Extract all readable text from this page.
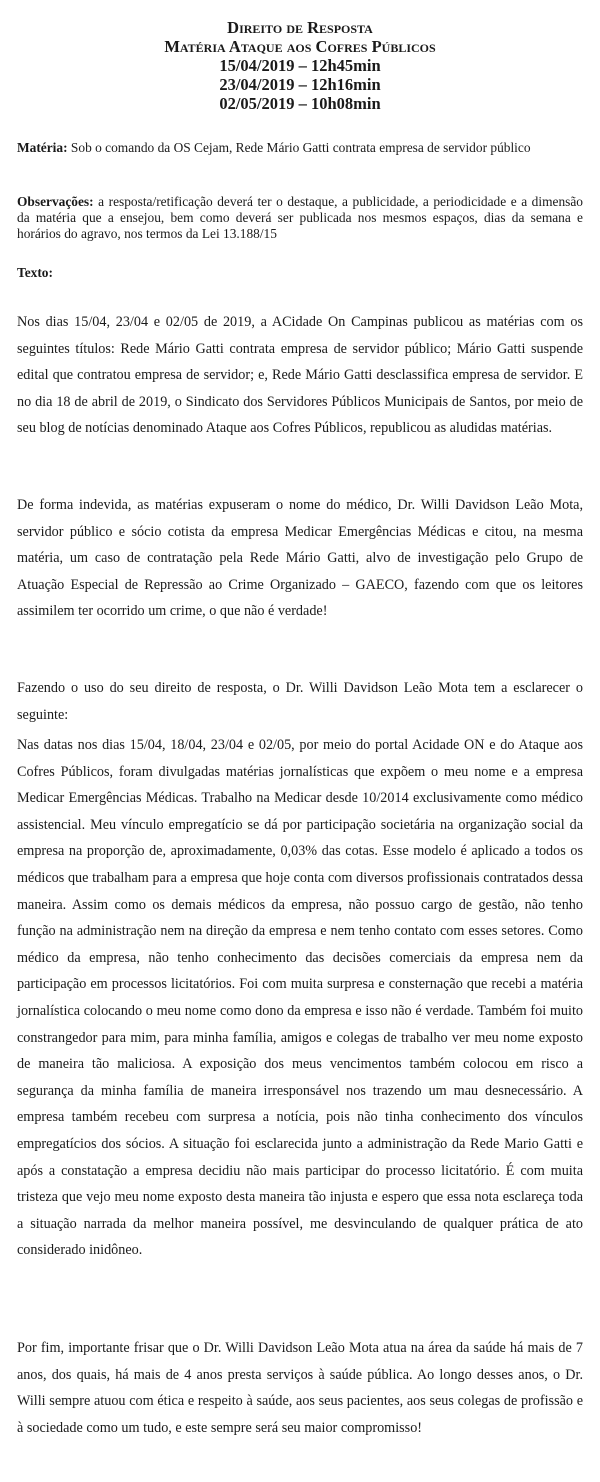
Direito de Resposta
Matéria Ataque aos Cofres Públicos
15/04/2019 – 12h45min
23/04/2019 – 12h16min
02/05/2019 – 10h08min
Matéria: Sob o comando da OS Cejam, Rede Mário Gatti contrata empresa de servidor público
Observações: a resposta/retificação deverá ter o destaque, a publicidade, a periodicidade e a dimensão da matéria que a ensejou, bem como deverá ser publicada nos mesmos espaços, dias da semana e horários do agravo, nos termos da Lei 13.188/15
Texto:

Nos dias 15/04, 23/04 e 02/05 de 2019, a ACidade On Campinas publicou as matérias com os seguintes títulos: Rede Mário Gatti contrata empresa de servidor público; Mário Gatti suspende edital que contratou empresa de servidor; e, Rede Mário Gatti desclassifica empresa de servidor. E no dia 18 de abril de 2019, o Sindicato dos Servidores Públicos Municipais de Santos, por meio de seu blog de notícias denominado Ataque aos Cofres Públicos, republicou as aludidas matérias.

De forma indevida, as matérias expuseram o nome do médico, Dr. Willi Davidson Leão Mota, servidor público e sócio cotista da empresa Medicar Emergências Médicas e citou, na mesma matéria, um caso de contratação pela Rede Mário Gatti, alvo de investigação pelo Grupo de Atuação Especial de Repressão ao Crime Organizado – GAECO, fazendo com que os leitores assimilem ter ocorrido um crime, o que não é verdade!

Fazendo o uso do seu direito de resposta, o Dr. Willi Davidson Leão Mota tem a esclarecer o seguinte:

Nas datas nos dias 15/04, 18/04, 23/04 e 02/05, por meio do portal Acidade ON e do Ataque aos Cofres Públicos, foram divulgadas matérias jornalísticas que expõem o meu nome e a empresa Medicar Emergências Médicas. Trabalho na Medicar desde 10/2014 exclusivamente como médico assistencial. Meu vínculo empregatício se dá por participação societária na organização social da empresa na proporção de, aproximadamente, 0,03% das cotas. Esse modelo é aplicado a todos os médicos que trabalham para a empresa que hoje conta com diversos profissionais contratados dessa maneira. Assim como os demais médicos da empresa, não possuo cargo de gestão, não tenho função na administração nem na direção da empresa e nem tenho contato com esses setores. Como médico da empresa, não tenho conhecimento das decisões comerciais da empresa nem da participação em processos licitatórios. Foi com muita surpresa e consternação que recebi a matéria jornalística colocando o meu nome como dono da empresa e isso não é verdade. Também foi muito constrangedor para mim, para minha família, amigos e colegas de trabalho ver meu nome exposto de maneira tão maliciosa. A exposição dos meus vencimentos também colocou em risco a segurança da minha família de maneira irresponsável nos trazendo um mau desnecessário. A empresa também recebeu com surpresa a notícia, pois não tinha conhecimento dos vínculos empregatícios dos sócios. A situação foi esclarecida junto a administração da Rede Mario Gatti e após a constatação a empresa decidiu não mais participar do processo licitatório. É com muita tristeza que vejo meu nome exposto desta maneira tão injusta e espero que essa nota esclareça toda a situação narrada da melhor maneira possível, me desvinculando de qualquer prática de ato considerado inidôneo.

Por fim, importante frisar que o Dr. Willi Davidson Leão Mota atua na área da saúde há mais de 7 anos, dos quais, há mais de 4 anos presta serviços à saúde pública. Ao longo desses anos, o Dr. Willi sempre atuou com ética e respeito à saúde, aos seus pacientes, aos seus colegas de profissão e à sociedade como um tudo, e este sempre será seu maior compromisso!
